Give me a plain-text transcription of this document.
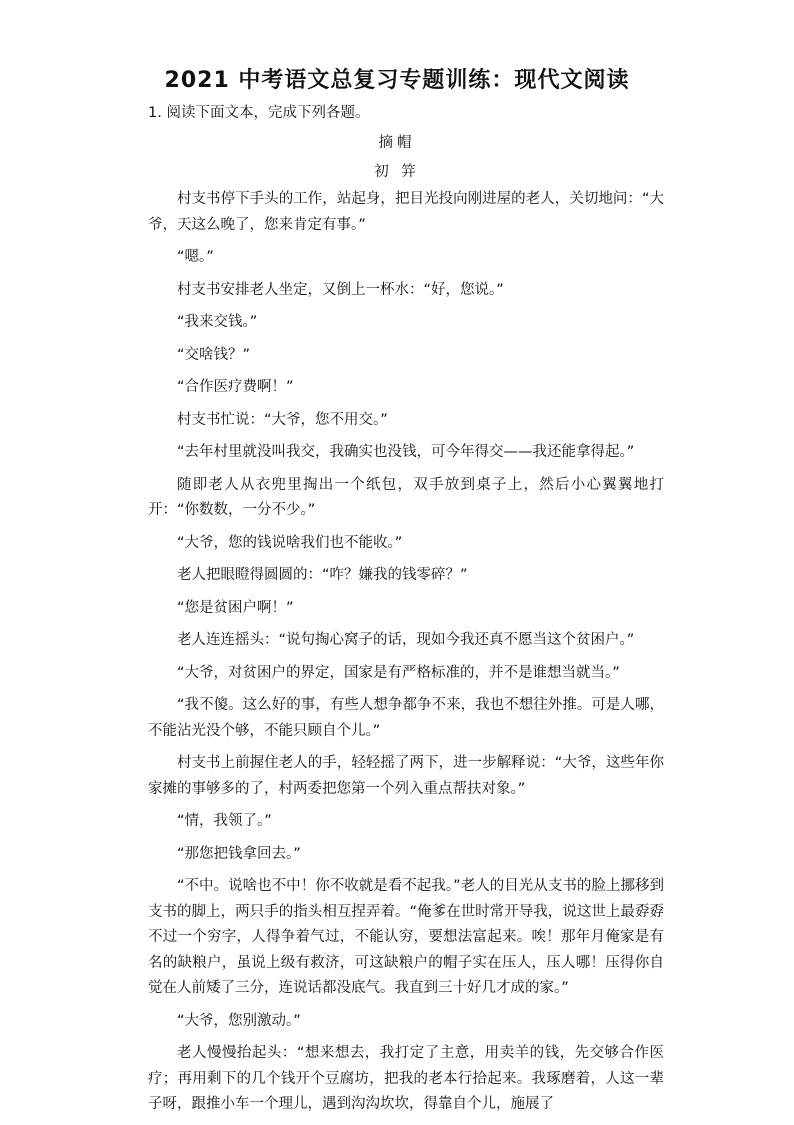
2021 中考语文总复习专题训练：现代文阅读

1. 阅读下面文本，完成下列各题。

摘帽

初 笄

村支书停下手头的工作，站起身，把目光投向刚进屋的老人，关切地问：“大爷，天这么晚了，您来肯定有事。”

“嗯。”

村支书安排老人坐定，又倒上一杯水：“好，您说。”

“我来交钱。”

“交啥钱？”

“合作医疗费啊！”

村支书忙说：“大爷，您不用交。”

“去年村里就没叫我交，我确实也没钱，可今年得交——我还能拿得起。”

随即老人从衣兜里掏出一个纸包，双手放到桌子上，然后小心翼翼地打开：“你数数，一分不少。”

“大爷，您的钱说啥我们也不能收。”

老人把眼瞪得圆圆的：“咋？嫌我的钱零碎？”

“您是贫困户啊！”

老人连连摇头：“说句掏心窝子的话，现如今我还真不愿当这个贫困户。”

“大爷，对贫困户的界定，国家是有严格标准的，并不是谁想当就当。”

“我不傻。这么好的事，有些人想争都争不来，我也不想往外推。可是人哪，不能沾光没个够，不能只顾自个儿。”

村支书上前握住老人的手，轻轻摇了两下，进一步解释说：“大爷，这些年你家摊的事够多的了，村两委把您第一个列入重点帮扶对象。”

“情，我领了。”

“那您把钱拿回去。”

“不中。说啥也不中！你不收就是看不起我。”老人的目光从支书的脸上挪移到支书的脚上，两只手的指头相互捏弄着。“俺爹在世时常开导我，说这世上最孬孬不过一个穷字，人得争着气过，不能认穷，要想法富起来。唉！那年月俺家是有名的缺粮户，虽说上级有救济，可这缺粮户的帽子实在压人，压人哪！压得你自觉在人前矮了三分，连说话都没底气。我直到三十好几才成的家。”

“大爷，您别激动。”

老人慢慢抬起头：“想来想去，我打定了主意，用卖羊的钱，先交够合作医疗；再用剩下的几个钱开个豆腐坊，把我的老本行拾起来。我琢磨着，人这一辈子呀，跟推小车一个理儿，遇到沟沟坎坎，得靠自个儿，施展了
